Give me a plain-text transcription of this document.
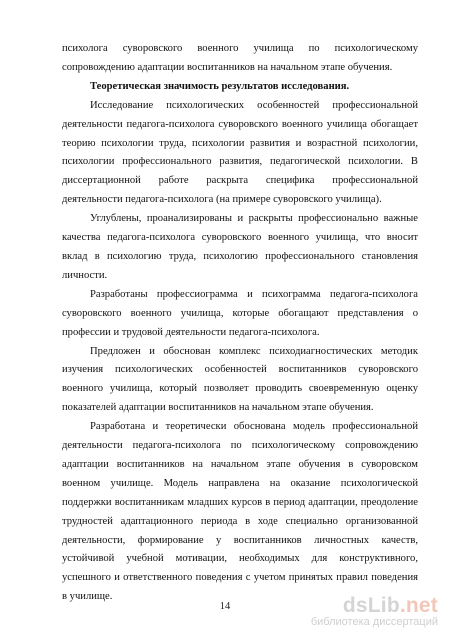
психолога суворовского военного училища по психологическому сопровождению адаптации воспитанников на начальном этапе обучения.

Теоретическая значимость результатов исследования.

Исследование психологических особенностей профессиональной деятельности педагога-психолога суворовского военного училища обогащает теорию психологии труда, психологии развития и возрастной психологии, психологии профессионального развития, педагогической психологии. В диссертационной работе раскрыта специфика профессиональной деятельности педагога-психолога (на примере суворовского училища).

Углублены, проанализированы и раскрыты профессионально важные качества педагога-психолога суворовского военного училища, что вносит вклад в психологию труда, психологию профессионального становления личности.

Разработаны профессиограмма и психограмма педагога-психолога суворовского военного училища, которые обогащают представления о профессии и трудовой деятельности педагога-психолога.

Предложен и обоснован комплекс психодиагностических методик изучения психологических особенностей воспитанников суворовского военного училища, который позволяет проводить своевременную оценку показателей адаптации воспитанников на начальном этапе обучения.

Разработана и теоретически обоснована модель профессиональной деятельности педагога-психолога по психологическому сопровождению адаптации воспитанников на начальном этапе обучения в суворовском военном училище. Модель направлена на оказание психологической поддержки воспитанникам младших курсов в период адаптации, преодоление трудностей адаптационного периода в ходе специально организованной деятельности, формирование у воспитанников личностных качеств, устойчивой учебной мотивации, необходимых для конструктивного, успешного и ответственного поведения с учетом принятых правил поведения в училище.

14	dsLib.net
библиотека диссертаций
